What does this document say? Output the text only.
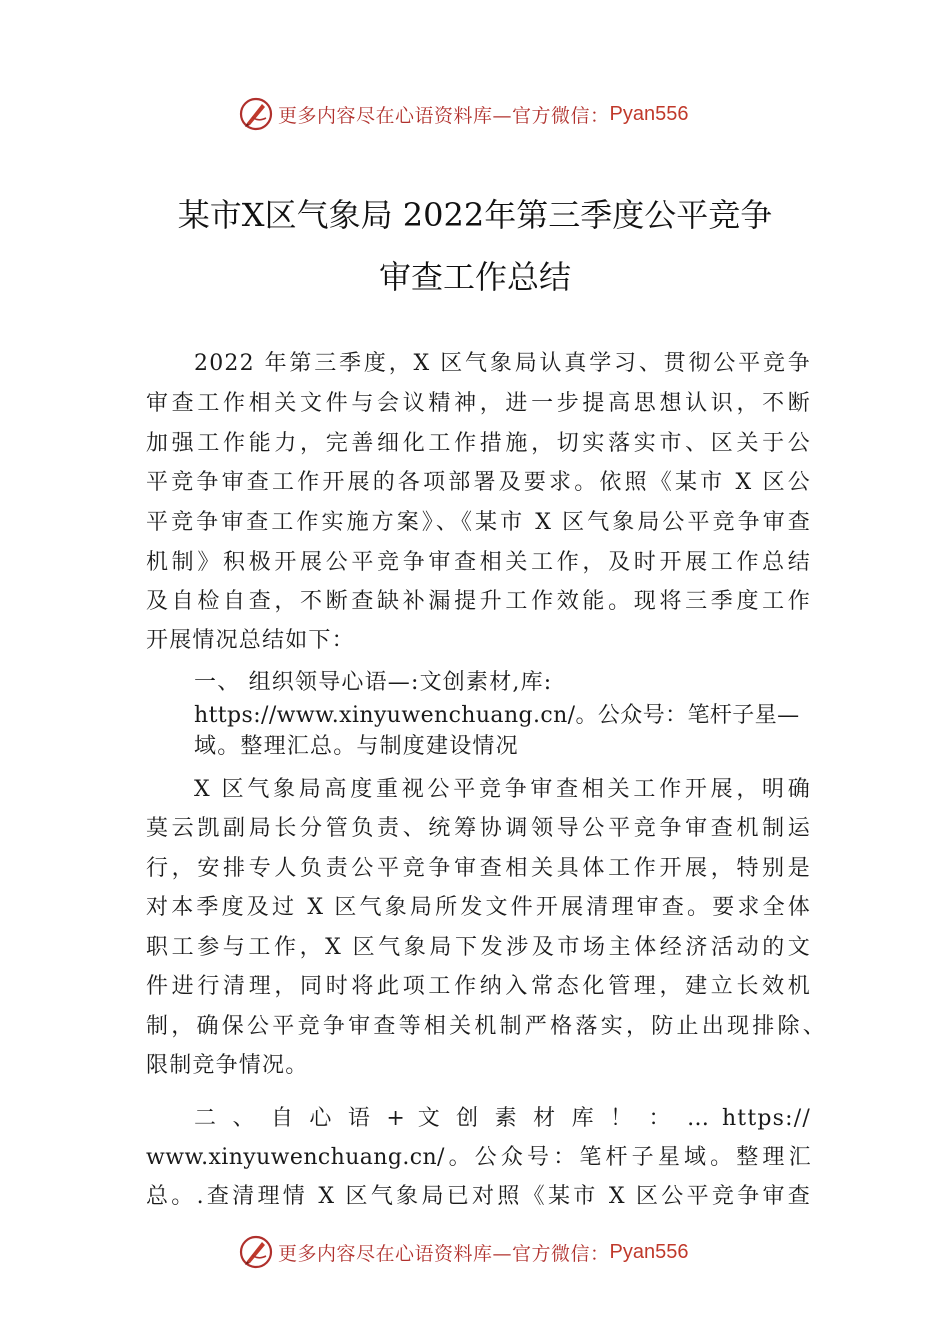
更多内容尽在心语资料库—官方微信： Pyan556
某市X区气象局 2022年第三季度公平竞争
审查工作总结
2022 年第三季度，X 区气象局认真学习、贯彻公平竞争
审查工作相关文件与会议精神，进一步提高思想认识，不断
加强工作能力，完善细化工作措施，切实落实市、区关于公
平竞争审查工作开展的各项部署及要求。依照《某市 X 区公
平竞争审查工作实施方案》、《某市 X 区气象局公平竞争审查
机制》积极开展公平竞争审查相关工作，及时开展工作总结
及自检自查，不断查缺补漏提升工作效能。现将三季度工作
开展情况总结如下：
一、 组织领导心语—:文创素材,库:
https://www.xinyuwenchuang.cn/。公众号：笔杆子星—
域。整理汇总。与制度建设情况
X 区气象局高度重视公平竞争审查相关工作开展，明确
莫云凯副局长分管负责、统筹协调领导公平竞争审查机制运
行，安排专人负责公平竞争审查相关具体工作开展，特别是
对本季度及过 X 区气象局所发文件开展清理审查。要求全体
职工参与工作，X 区气象局下发涉及市场主体经济活动的文
件进行清理，同时将此项工作纳入常态化管理，建立长效机
制，确保公平竞争审查等相关机制严格落实，防止出现排除、
限制竞争情况。
二 、 自 心 语 + 文 创 素 材 库 ！ ： … https://
www.xinyuwenchuang.cn/。公众号：笔杆子星域。整理汇
总。.查清理情 X 区气象局已对照《某市 X 区公平竞争审查
更多内容尽在心语资料库—官方微信： Pyan556
